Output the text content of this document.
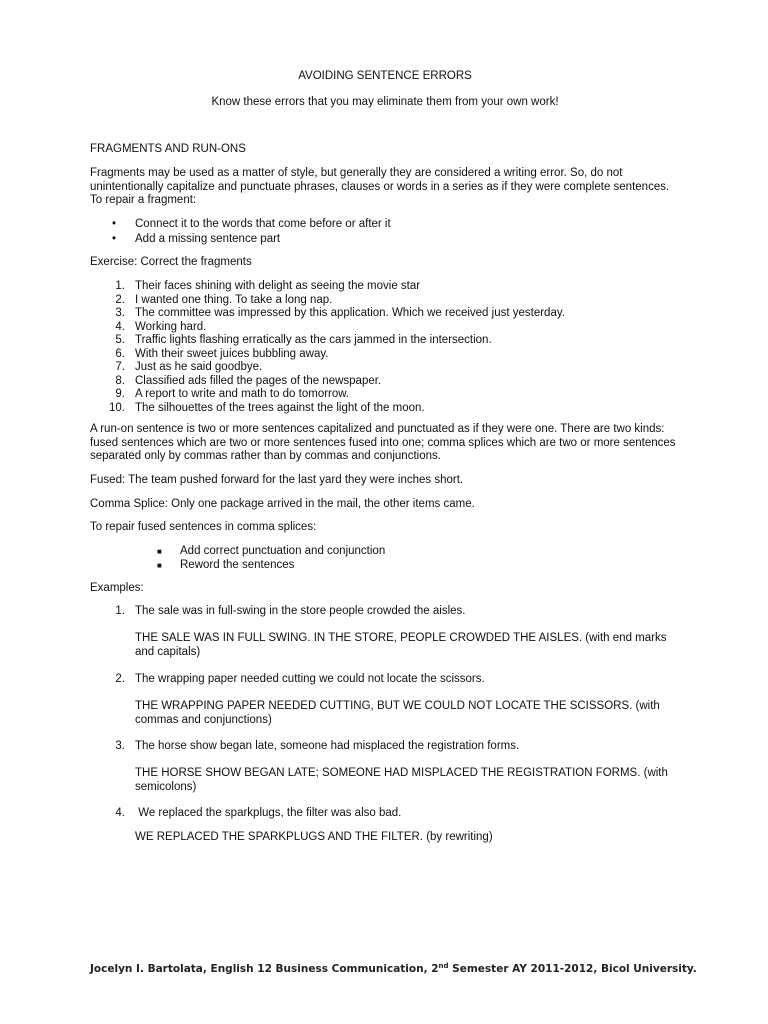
AVOIDING SENTENCE ERRORS
Know these errors that you may eliminate them from your own work!
FRAGMENTS AND RUN-ONS
Fragments may be used as a matter of style, but generally they are considered a writing error. So, do not unintentionally capitalize and punctuate phrases, clauses or words in a series as if they were complete sentences. To repair a fragment:
• Connect it to the words that come before or after it
• Add a missing sentence part
Exercise: Correct the fragments
1. Their faces shining with delight as seeing the movie star
2. I wanted one thing. To take a long nap.
3. The committee was impressed by this application. Which we received just yesterday.
4. Working hard.
5. Traffic lights flashing erratically as the cars jammed in the intersection.
6. With their sweet juices bubbling away.
7. Just as he said goodbye.
8. Classified ads filled the pages of the newspaper.
9. A report to write and math to do tomorrow.
10. The silhouettes of the trees against the light of the moon.
A run-on sentence is two or more sentences capitalized and punctuated as if they were one. There are two kinds: fused sentences which are two or more sentences fused into one; comma splices which are two or more sentences separated only by commas rather than by commas and conjunctions.
Fused: The team pushed forward for the last yard they were inches short.
Comma Splice: Only one package arrived in the mail, the other items came.
To repair fused sentences in comma splices:
■ Add correct punctuation and conjunction
■ Reword the sentences
Examples:
1. The sale was in full-swing in the store people crowded the aisles.
THE SALE WAS IN FULL SWING. IN THE STORE, PEOPLE CROWDED THE AISLES. (with end marks and capitals)
2. The wrapping paper needed cutting we could not locate the scissors.
THE WRAPPING PAPER NEEDED CUTTING, BUT WE COULD NOT LOCATE THE SCISSORS. (with commas and conjunctions)
3. The horse show began late, someone had misplaced the registration forms.
THE HORSE SHOW BEGAN LATE; SOMEONE HAD MISPLACED THE REGISTRATION FORMS. (with semicolons)
4. We replaced the sparkplugs, the filter was also bad.
WE REPLACED THE SPARKPLUGS AND THE FILTER. (by rewriting)
Jocelyn I. Bartolata, English 12 Business Communication, 2nd Semester AY 2011-2012, Bicol University.
